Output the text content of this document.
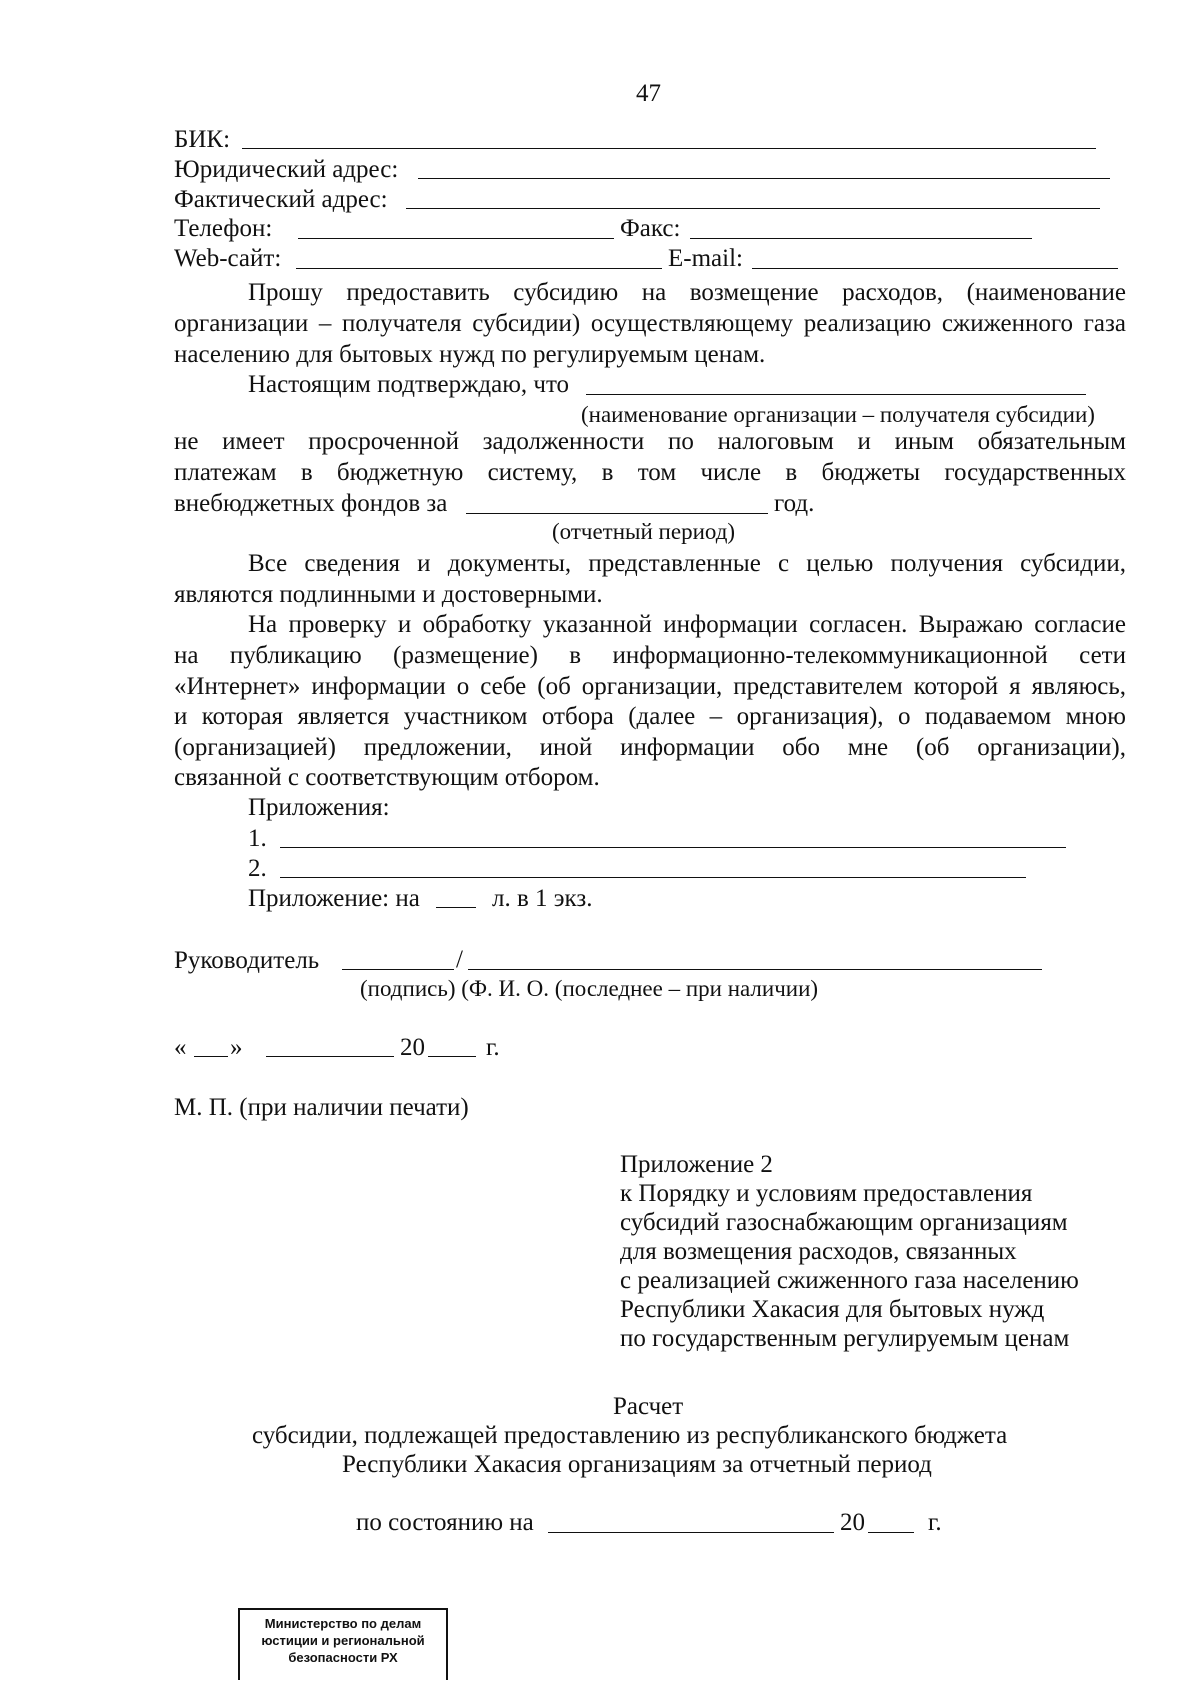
47
БИК:
Юридический адрес:
Фактический адрес:
Телефон:	Факс:
Web-сайт:	E-mail:
Прошу предоставить субсидию на возмещение расходов, (наименование
организации – получателя субсидии) осуществляющему реализацию сжиженного газа
населению для бытовых нужд по регулируемым ценам.
Настоящим подтверждаю, что
(наименование организации – получателя субсидии)
не имеет просроченной задолженности по налоговым и иным обязательным
платежам в бюджетную систему, в том числе в бюджеты государственных
внебюджетных фондов за	год.
(отчетный период)
Все сведения и документы, представленные с целью получения субсидии,
являются подлинными и достоверными.
На проверку и обработку указанной информации согласен. Выражаю согласие
на публикацию (размещение) в информационно-телекоммуникационной сети
«Интернет» информации о себе (об организации, представителем которой я являюсь,
и которая является участником отбора (далее – организация), о подаваемом мною
(организацией) предложении, иной информации обо мне (об организации),
связанной с соответствующим отбором.
Приложения:
1.
2.
Приложение: на	л. в 1 экз.
Руководитель	/
(подпись) (Ф. И. О. (последнее – при наличии)
« »	20 г.
М. П. (при наличии печати)
Приложение 2
к Порядку и условиям предоставления
субсидий газоснабжающим организациям
для возмещения расходов, связанных
с реализацией сжиженного газа населению
Республики Хакасия для бытовых нужд
по государственным регулируемым ценам
Расчет
субсидии, подлежащей предоставлению из республиканского бюджета
Республики Хакасия организациям за отчетный период
по состоянию на	20	г.
Министерство по делам
юстиции и региональной
безопасности РХ
